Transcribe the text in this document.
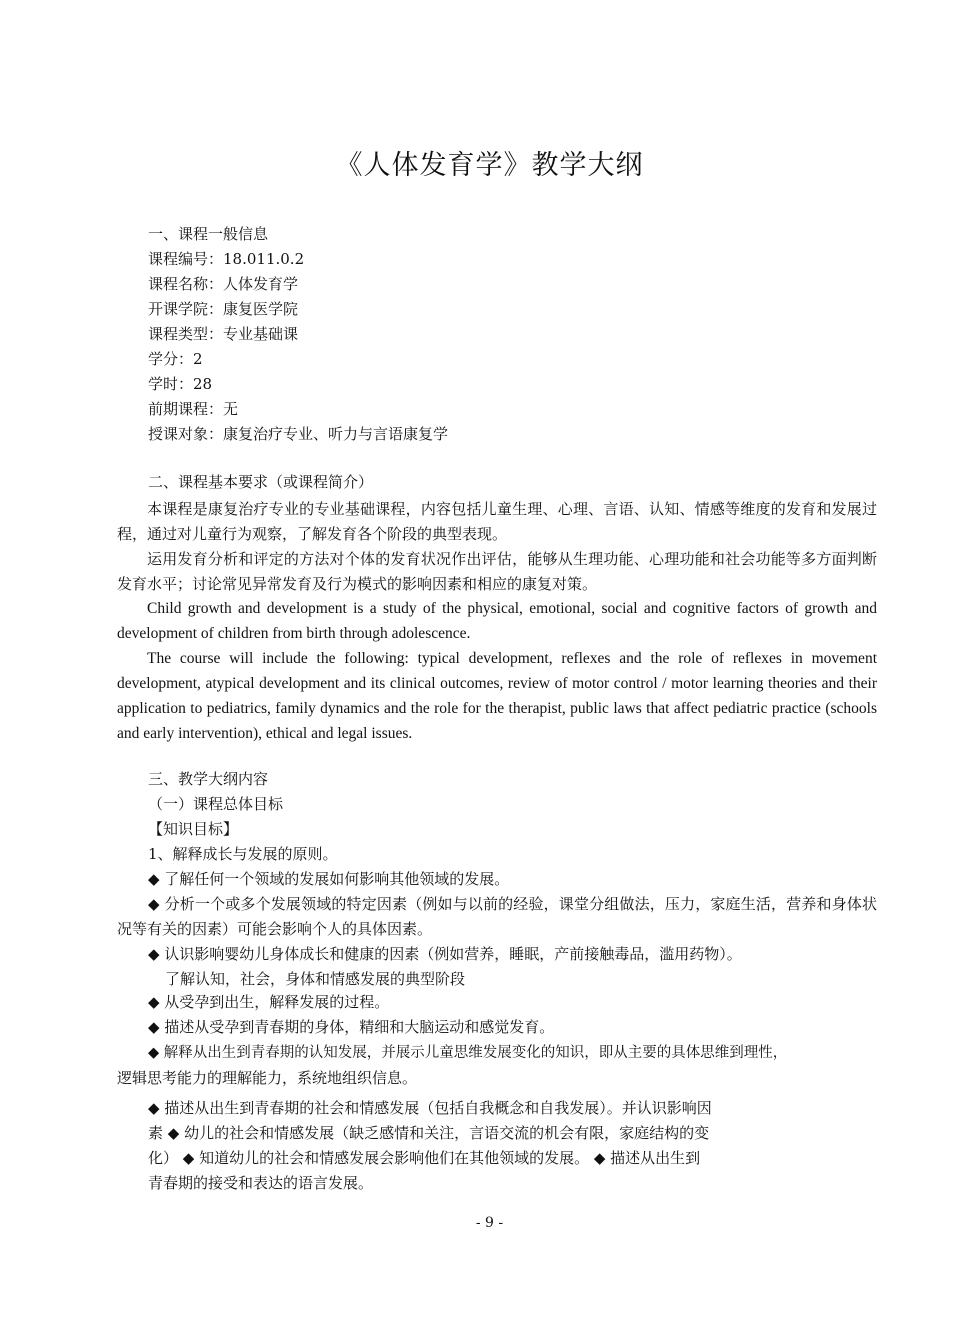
《人体发育学》教学大纲
一、课程一般信息
课程编号：18.011.0.2
课程名称：人体发育学
开课学院：康复医学院
课程类型：专业基础课
学分：2
学时：28
前期课程：无
授课对象：康复治疗专业、听力与言语康复学
二、课程基本要求（或课程简介）
本课程是康复治疗专业的专业基础课程，内容包括儿童生理、心理、言语、认知、情感等维度的发育和发展过程，通过对儿童行为观察，了解发育各个阶段的典型表现。
运用发育分析和评定的方法对个体的发育状况作出评估，能够从生理功能、心理功能和社会功能等多方面判断发育水平；讨论常见异常发育及行为模式的影响因素和相应的康复对策。
Child growth and development is a study of the physical, emotional, social and cognitive factors of growth and development of children from birth through adolescence.
The course will include the following: typical development, reflexes and the role of reflexes in movement development, atypical development and its clinical outcomes, review of motor control / motor learning theories and their application to pediatrics, family dynamics and the role for the therapist, public laws that affect pediatric practice (schools and early intervention), ethical and legal issues.
三、教学大纲内容
（一）课程总体目标
【知识目标】
1、解释成长与发展的原则。
◆ 了解任何一个领域的发展如何影响其他领域的发展。
◆ 分析一个或多个发展领域的特定因素（例如与以前的经验，课堂分组做法，压力，家庭生活，营养和身体状况等有关的因素）可能会影响个人的具体因素。
◆ 认识影响婴幼儿身体成长和健康的因素（例如营养，睡眠，产前接触毒品，滥用药物）。
了解认知，社会，身体和情感发展的典型阶段
◆ 从受孕到出生，解释发展的过程。
◆ 描述从受孕到青春期的身体，精细和大脑运动和感觉发育。
◆ 解释从出生到青春期的认知发展，并展示儿童思维发展变化的知识，即从主要的具体思维到理性，
逻辑思考能力的理解能力，系统地组织信息。
◆ 描述从出生到青春期的社会和情感发展（包括自我概念和自我发展）。并认识影响因
素 ◆ 幼儿的社会和情感发展（缺乏感情和关注，言语交流的机会有限，家庭结构的变
化） ◆ 知道幼儿的社会和情感发展会影响他们在其他领域的发展。 ◆ 描述从出生到
青春期的接受和表达的语言发展。
- 9 -
